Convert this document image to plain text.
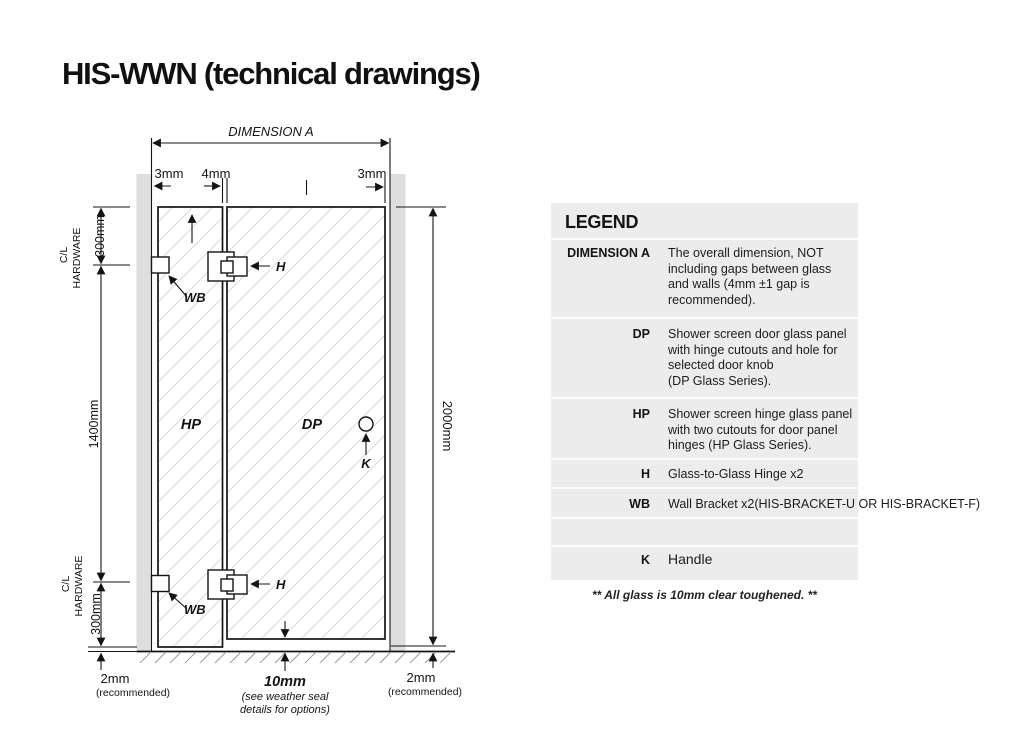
DIMENSION A
3mm 4mm	3mm
2000mm
2mm
(recommended)
300mm
1400mm
300mm
2mm
(recommended)
C/L HARDWARE
C/L HARDWARE
H
H
WB
WB
HP	DP
K
10mm
(see weather seal
details for options)
HIS-WWN (technical drawings)
LEGEND
DIMENSION A The overall dimension, NOT
including gaps between glass
and walls (4mm ±1 gap is
recommended).
DP Shower screen door glass panel
with hinge cutouts and hole for
selected door knob
(DP Glass Series).
HP Shower screen hinge glass panel
with two cutouts for door panel
hinges (HP Glass Series).
H Glass-to-Glass Hinge x2
WB Wall Bracket x2(HIS-BRACKET-U OR HIS-BRACKET-F)
K Handle
** All glass is 10mm clear toughened. **
